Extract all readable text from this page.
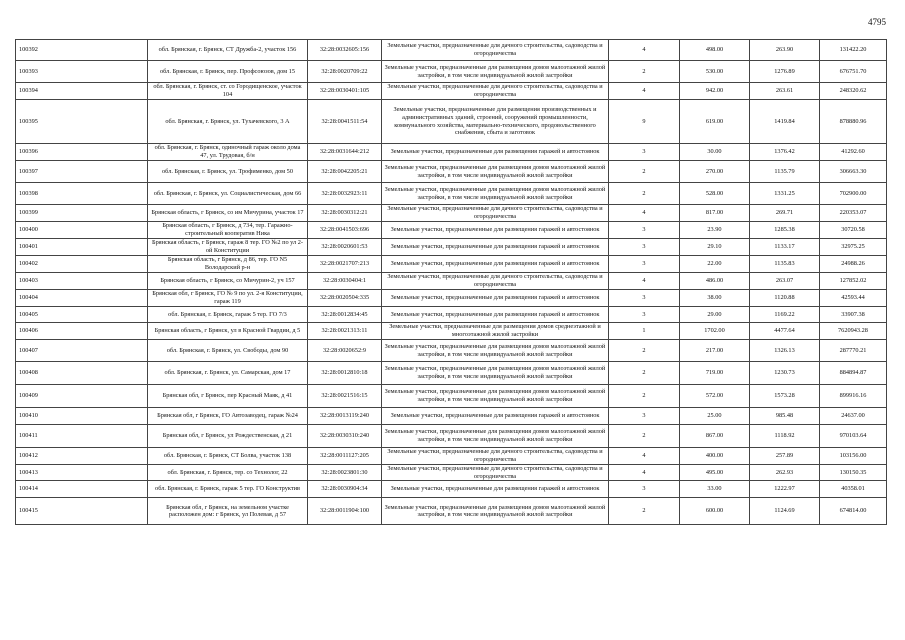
4795
100392	обл. Брянская, г. Брянск, СТ Дружба-2, участок 156	32:28:0032605:156	Земельные участки, предназначенные для дачного строительства, садоводства и огородничества	4	498.00	263.90	131422.20
100393	обл. Брянская, г. Брянск, пер. Профсоюзов, дом 15	32:28:0020709:22	Земельные участки, предназначенные для размещения домов малоэтажной жилой застройки, в том числе индивидуальной жилой застройки	2	530.00	1276.89	676751.70
100394	обл. Брянская, г. Брянск, ст. со Городищенское, участок 104	32:28:0030401:105	Земельные участки, предназначенные для дачного строительства, садоводства и огородничества	4	942.00	263.61	248320.62
100395	обл. Брянская, г. Брянск, ул. Тухачевского, 3 А	32:28:0041511:54	Земельные участки, предназначенные для размещения производственных и административных зданий, строений, сооружений промышленности, коммунального хозяйства, материально-технического, продовольственного снабжения, сбыта и заготовок	9	619.00	1419.84	878880.96
100396	обл. Брянская, г. Брянск, одиночный гараж около дома 47, ул. Трудовая, б/н	32:28:0031644:212	Земельные участки, предназначенные для размещения гаражей и автостоянок	3	30.00	1376.42	41292.60
100397	обл. Брянская, г. Брянск, ул. Трофименко, дом 50	32:28:0042205:21	Земельные участки, предназначенные для размещения домов малоэтажной жилой застройки, в том числе индивидуальной жилой застройки	2	270.00	1135.79	306663.30
100398	обл. Брянская, г. Брянск, ул. Социалистическая, дом 66	32:28:0032923:11	Земельные участки, предназначенные для размещения домов малоэтажной жилой застройки, в том числе индивидуальной жилой застройки	2	528.00	1331.25	702900.00
100399	Брянская область, г Брянск, со им Мичурина, участок 17	32:28:0030312:21	Земельные участки, предназначенные для дачного строительства, садоводства и огородничества	4	817.00	269.71	220353.07
100400	Брянская область, г Брянск, д 734, тер. Гаражно-строительный кооператив Ника	32:28:0041503:696	Земельные участки, предназначенные для размещения гаражей и автостоянок	3	23.90	1285.38	30720.58
100401	Брянская область, г Брянск, гараж 8 тер. ГО №2 по ул 2-ой Конституции	32:28:0020601:53	Земельные участки, предназначенные для размещения гаражей и автостоянок	3	29.10	1133.17	32975.25
100402	Брянская область, г Брянск, д 86, тер. ГО N5 Володарский р-н	32:28:0021707:213	Земельные участки, предназначенные для размещения гаражей и автостоянок	3	22.00	1135.83	24988.26
100403	Брянская область, г Брянск, со Мичурин-2, уч 157	32:28:0030404:1	Земельные участки, предназначенные для дачного строительства, садоводства и огородничества	4	486.00	263.07	127852.02
100404	Брянская обл, г Брянск, ГО № 9 по ул. 2-я Конституции, гараж 119	32:28:0020504:335	Земельные участки, предназначенные для размещения гаражей и автостоянок	3	38.00	1120.88	42593.44
100405	обл. Брянская, г. Брянск, гараж 5 тер. ГО 7/3	32:28:0012834:45	Земельные участки, предназначенные для размещения гаражей и автостоянок	3	29.00	1169.22	33907.38
100406	Брянская область, г Брянск, ул в Красной Гвардии, д 5	32:28:0021313:11	Земельные участки, предназначенные для размещения домов среднеэтажной и многоэтажной жилой застройки	1	1702.00	4477.64	7620943.28
100407	обл. Брянская, г. Брянск, ул. Свободы, дом 90	32:28:0020652:9	Земельные участки, предназначенные для размещения домов малоэтажной жилой застройки, в том числе индивидуальной жилой застройки	2	217.00	1326.13	287770.21
100408	обл. Брянская, г. Брянск, ул. Самарская, дом 17	32:28:0012810:18	Земельные участки, предназначенные для размещения домов малоэтажной жилой застройки, в том числе индивидуальной жилой застройки	2	719.00	1230.73	884894.87
100409	Брянская обл, г Брянск, пер Красный Маяк, д 41	32:28:0021516:15	Земельные участки, предназначенные для размещения домов малоэтажной жилой застройки, в том числе индивидуальной жилой застройки	2	572.00	1573.28	899916.16
100410	Брянская обл, г Брянск, ГО Автозаводец, гараж №24	32:28:0013119:240	Земельные участки, предназначенные для размещения гаражей и автостоянок	3	25.00	985.48	24637.00
100411	Брянская обл, г Брянск, ул Рождественская, д 21	32:28:0030310:240	Земельные участки, предназначенные для размещения домов малоэтажной жилой застройки, в том числе индивидуальной жилой застройки	2	867.00	1118.92	970103.64
100412	обл. Брянская, г. Брянск, СТ Болва, участок 138	32:28:0011127:205	Земельные участки, предназначенные для дачного строительства, садоводства и огородничества	4	400.00	257.89	103156.00
100413	обл. Брянская, г. Брянск, тер. со Технолог, 22	32:28:0023801:30	Земельные участки, предназначенные для дачного строительства, садоводства и огородничества	4	495.00	262.93	130150.35
100414	обл. Брянская, г. Брянск, гараж 5 тер. ГО Конструктив	32:28:0030904:34	Земельные участки, предназначенные для размещения гаражей и автостоянок	3	33.00	1222.97	40358.01
100415	Брянская обл, г Брянск, на земельном участке расположен дом: г Брянск, ул Полевая, д 57	32:28:0011904:100	Земельные участки, предназначенные для размещения домов малоэтажной жилой застройки, в том числе индивидуальной жилой застройки	2	600.00	1124.69	674814.00
